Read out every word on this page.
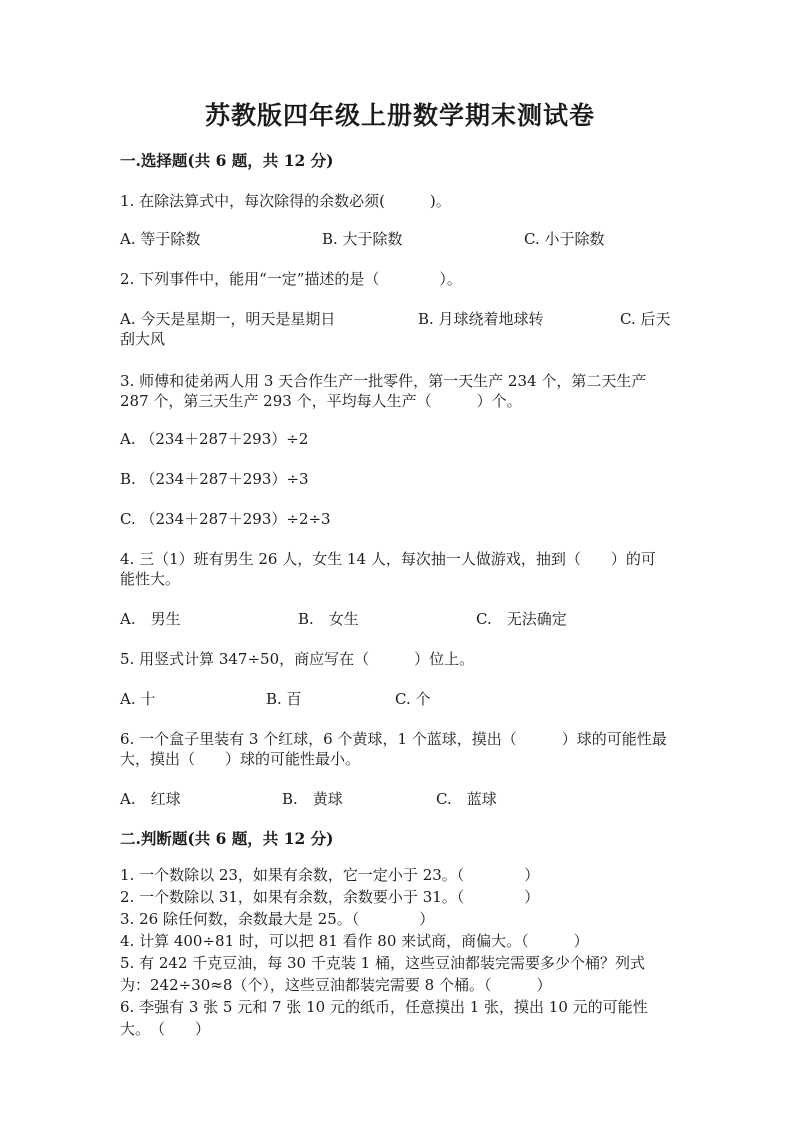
苏教版四年级上册数学期末测试卷
一.选择题(共 6 题，共 12 分)
1. 在除法算式中，每次除得的余数必须(　　　)。
A. 等于除数	B. 大于除数	C. 小于除数
2. 下列事件中，能用“一定”描述的是（　　　　）。
A. 今天是星期一，明天是星期日	B. 月球绕着地球转	C. 后天
刮大风
3. 师傅和徒弟两人用 3 天合作生产一批零件，第一天生产 234 个，第二天生产
287 个，第三天生产 293 个，平均每人生产（　　　）个。
A. （234＋287＋293）÷2
B. （234＋287＋293）÷3
C. （234＋287＋293）÷2÷3
4. 三（1）班有男生 26 人，女生 14 人，每次抽一人做游戏，抽到（　　）的可
能性大。
A.　男生	B.　女生	C.　无法确定
5. 用竖式计算 347÷50，商应写在（　　　）位上。
A. 十	B. 百	C. 个
6. 一个盒子里装有 3 个红球，6 个黄球，1 个蓝球，摸出（　　　）球的可能性最
大，摸出（　　）球的可能性最小。
A.　红球	B.　黄球	C.　蓝球
二.判断题(共 6 题，共 12 分)
1. 一个数除以 23，如果有余数，它一定小于 23。（　　　　）
2. 一个数除以 31，如果有余数，余数要小于 31。（　　　　）
3. 26 除任何数，余数最大是 25。（　　　　）
4. 计算 400÷81 时，可以把 81 看作 80 来试商，商偏大。（　　　）
5. 有 242 千克豆油，每 30 千克装 1 桶，这些豆油都装完需要多少个桶？列式
为：242÷30≈8（个），这些豆油都装完需要 8 个桶。（　　　）
6. 李强有 3 张 5 元和 7 张 10 元的纸币，任意摸出 1 张，摸出 10 元的可能性
大。　（　　）
